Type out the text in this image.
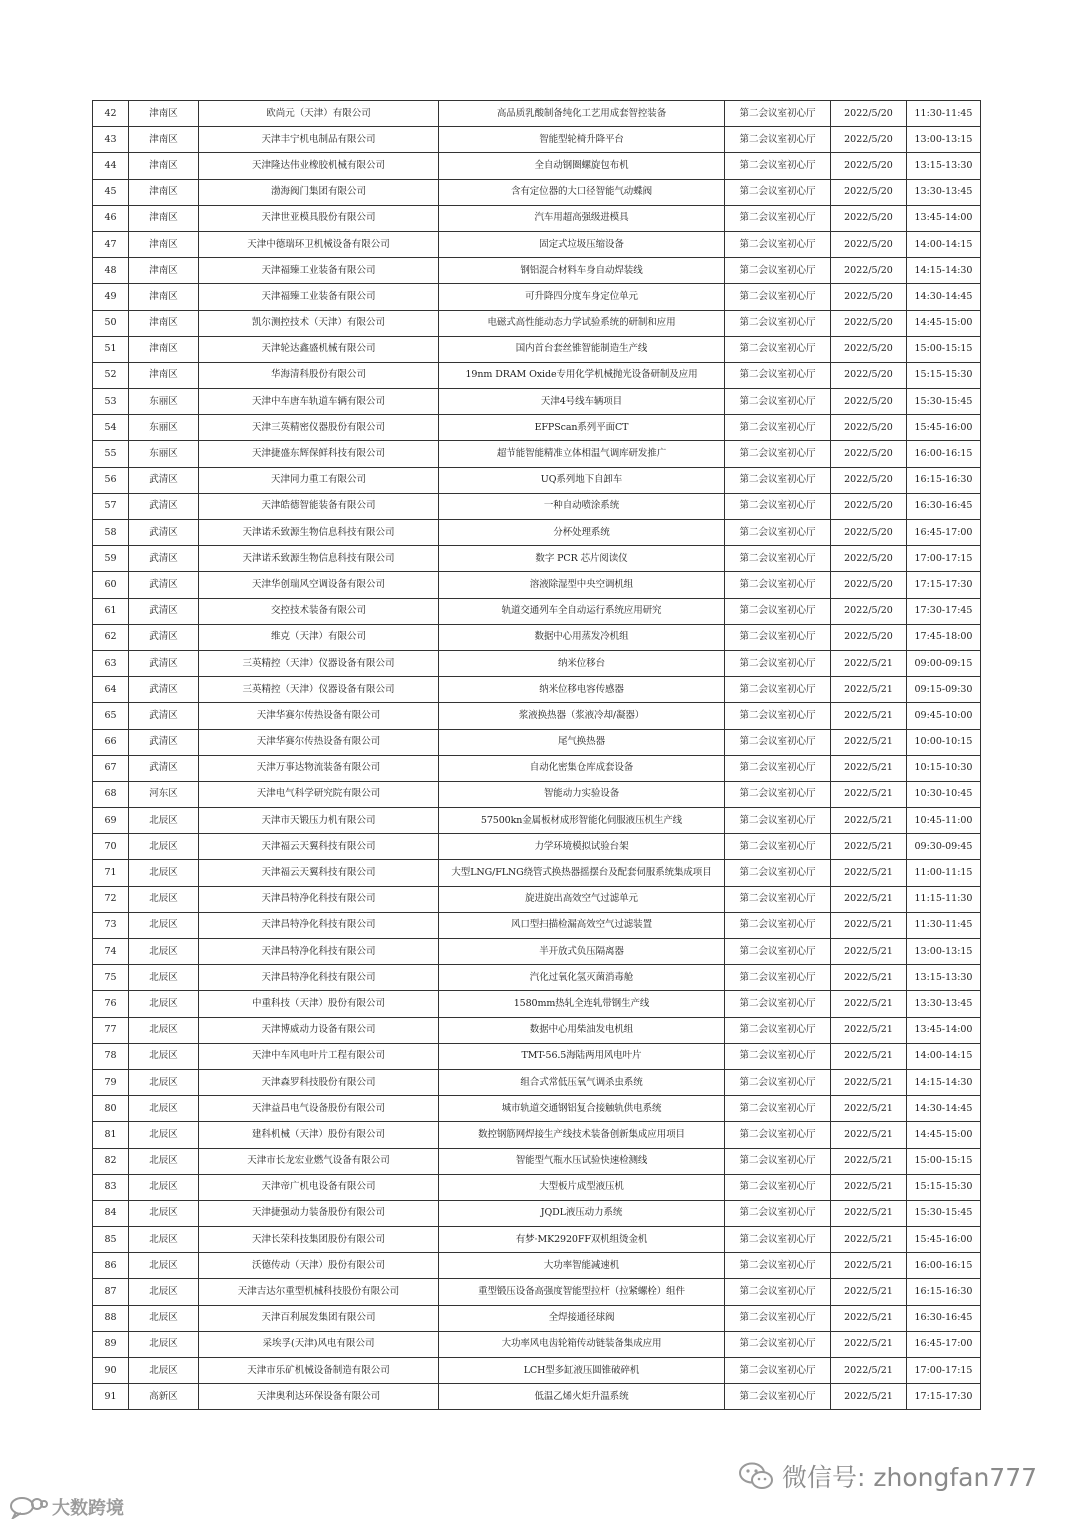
42	津南区	欧尚元（天津）有限公司	高品质乳酸制备纯化工艺用成套智控装备	第二会议室初心厅	2022/5/20	11:30-11:45
43	津南区	天津丰宁机电制品有限公司	智能型轮椅升降平台	第二会议室初心厅	2022/5/20	13:00-13:15
44	津南区	天津隆达伟业橡胶机械有限公司	全自动钢圈螺旋包布机	第二会议室初心厅	2022/5/20	13:15-13:30
45	津南区	渤海阀门集团有限公司	含有定位器的大口径智能气动蝶阀	第二会议室初心厅	2022/5/20	13:30-13:45
46	津南区	天津世亚模具股份有限公司	汽车用超高强级进模具	第二会议室初心厅	2022/5/20	13:45-14:00
47	津南区	天津中德瑞环卫机械设备有限公司	固定式垃圾压缩设备	第二会议室初心厅	2022/5/20	14:00-14:15
48	津南区	天津福臻工业装备有限公司	钢铝混合材料车身自动焊装线	第二会议室初心厅	2022/5/20	14:15-14:30
49	津南区	天津福臻工业装备有限公司	可升降四分度车身定位单元	第二会议室初心厅	2022/5/20	14:30-14:45
50	津南区	凯尔测控技术（天津）有限公司	电磁式高性能动态力学试验系统的研制和应用	第二会议室初心厅	2022/5/20	14:45-15:00
51	津南区	天津轮达鑫盛机械有限公司	国内首台套丝锥智能制造生产线	第二会议室初心厅	2022/5/20	15:00-15:15
52	津南区	华海清科股份有限公司	19nm DRAM Oxide专用化学机械抛光设备研制及应用	第二会议室初心厅	2022/5/20	15:15-15:30
53	东丽区	天津中车唐车轨道车辆有限公司	天津4号线车辆项目	第二会议室初心厅	2022/5/20	15:30-15:45
54	东丽区	天津三英精密仪器股份有限公司	EFPScan系列平面CT	第二会议室初心厅	2022/5/20	15:45-16:00
55	东丽区	天津捷盛东辉保鲜科技有限公司	超节能智能精准立体相温气调库研发推广	第二会议室初心厅	2022/5/20	16:00-16:15
56	武清区	天津同力重工有限公司	UQ系列地下自卸车	第二会议室初心厅	2022/5/20	16:15-16:30
57	武清区	天津皓德智能装备有限公司	一种自动喷涂系统	第二会议室初心厅	2022/5/20	16:30-16:45
58	武清区	天津诺禾致源生物信息科技有限公司	分杯处理系统	第二会议室初心厅	2022/5/20	16:45-17:00
59	武清区	天津诺禾致源生物信息科技有限公司	数字 PCR 芯片阅读仪	第二会议室初心厅	2022/5/20	17:00-17:15
60	武清区	天津华创瑞风空调设备有限公司	溶液除湿型中央空调机组	第二会议室初心厅	2022/5/20	17:15-17:30
61	武清区	交控技术装备有限公司	轨道交通列车全自动运行系统应用研究	第二会议室初心厅	2022/5/20	17:30-17:45
62	武清区	维克（天津）有限公司	数据中心用蒸发冷机组	第二会议室初心厅	2022/5/20	17:45-18:00
63	武清区	三英精控（天津）仪器设备有限公司	纳米位移台	第二会议室初心厅	2022/5/21	09:00-09:15
64	武清区	三英精控（天津）仪器设备有限公司	纳米位移电容传感器	第二会议室初心厅	2022/5/21	09:15-09:30
65	武清区	天津华赛尔传热设备有限公司	浆液换热器（浆液冷却/凝器）	第二会议室初心厅	2022/5/21	09:45-10:00
66	武清区	天津华赛尔传热设备有限公司	尾气换热器	第二会议室初心厅	2022/5/21	10:00-10:15
67	武清区	天津万事达物流装备有限公司	自动化密集仓库成套设备	第二会议室初心厅	2022/5/21	10:15-10:30
68	河东区	天津电气科学研究院有限公司	智能动力实验设备	第二会议室初心厅	2022/5/21	10:30-10:45
69	北辰区	天津市天锻压力机有限公司	57500kn金属板材成形智能化伺服液压机生产线	第二会议室初心厅	2022/5/21	10:45-11:00
70	北辰区	天津福云天翼科技有限公司	力学环境模拟试验台架	第二会议室初心厅	2022/5/21	09:30-09:45
71	北辰区	天津福云天翼科技有限公司	大型LNG/FLNG绕管式换热器摇摆台及配套伺服系统集成项目	第二会议室初心厅	2022/5/21	11:00-11:15
72	北辰区	天津昌特净化科技有限公司	旋进旋出高效空气过滤单元	第二会议室初心厅	2022/5/21	11:15-11:30
73	北辰区	天津昌特净化科技有限公司	风口型扫描检漏高效空气过滤装置	第二会议室初心厅	2022/5/21	11:30-11:45
74	北辰区	天津昌特净化科技有限公司	半开放式负压隔离器	第二会议室初心厅	2022/5/21	13:00-13:15
75	北辰区	天津昌特净化科技有限公司	汽化过氧化氢灭菌消毒舱	第二会议室初心厅	2022/5/21	13:15-13:30
76	北辰区	中重科技（天津）股份有限公司	1580mm热轧全连轧带钢生产线	第二会议室初心厅	2022/5/21	13:30-13:45
77	北辰区	天津博威动力设备有限公司	数据中心用柴油发电机组	第二会议室初心厅	2022/5/21	13:45-14:00
78	北辰区	天津中车风电叶片工程有限公司	TMT-56.5海陆两用风电叶片	第二会议室初心厅	2022/5/21	14:00-14:15
79	北辰区	天津森罗科技股份有限公司	组合式常低压氧气调杀虫系统	第二会议室初心厅	2022/5/21	14:15-14:30
80	北辰区	天津益昌电气设备股份有限公司	城市轨道交通钢铝复合接触轨供电系统	第二会议室初心厅	2022/5/21	14:30-14:45
81	北辰区	建科机械（天津）股份有限公司	数控钢筋网焊接生产线技术装备创新集成应用项目	第二会议室初心厅	2022/5/21	14:45-15:00
82	北辰区	天津市长龙宏业燃气设备有限公司	智能型气瓶水压试验快速检测线	第二会议室初心厅	2022/5/21	15:00-15:15
83	北辰区	天津帝广机电设备有限公司	大型板片成型液压机	第二会议室初心厅	2022/5/21	15:15-15:30
84	北辰区	天津捷强动力装备股份有限公司	JQDL液压动力系统	第二会议室初心厅	2022/5/21	15:30-15:45
85	北辰区	天津长荣科技集团股份有限公司	有梦·MK2920FF双机组烫金机	第二会议室初心厅	2022/5/21	15:45-16:00
86	北辰区	沃德传动（天津）股份有限公司	大功率智能减速机	第二会议室初心厅	2022/5/21	16:00-16:15
87	北辰区	天津吉达尔重型机械科技股份有限公司	重型锻压设备高强度智能型拉杆（拉紧螺栓）组件	第二会议室初心厅	2022/5/21	16:15-16:30
88	北辰区	天津百利展发集团有限公司	全焊接通径球阀	第二会议室初心厅	2022/5/21	16:30-16:45
89	北辰区	采埃孚(天津)风电有限公司	大功率风电齿轮箱传动链装备集成应用	第二会议室初心厅	2022/5/21	16:45-17:00
90	北辰区	天津市乐矿机械设备制造有限公司	LCH型多缸液压圆锥破碎机	第二会议室初心厅	2022/5/21	17:00-17:15
91	高新区	天津奥利达环保设备有限公司	低温乙烯火炬升温系统	第二会议室初心厅	2022/5/21	17:15-17:30
微信号: zhongfan777
大数跨境
